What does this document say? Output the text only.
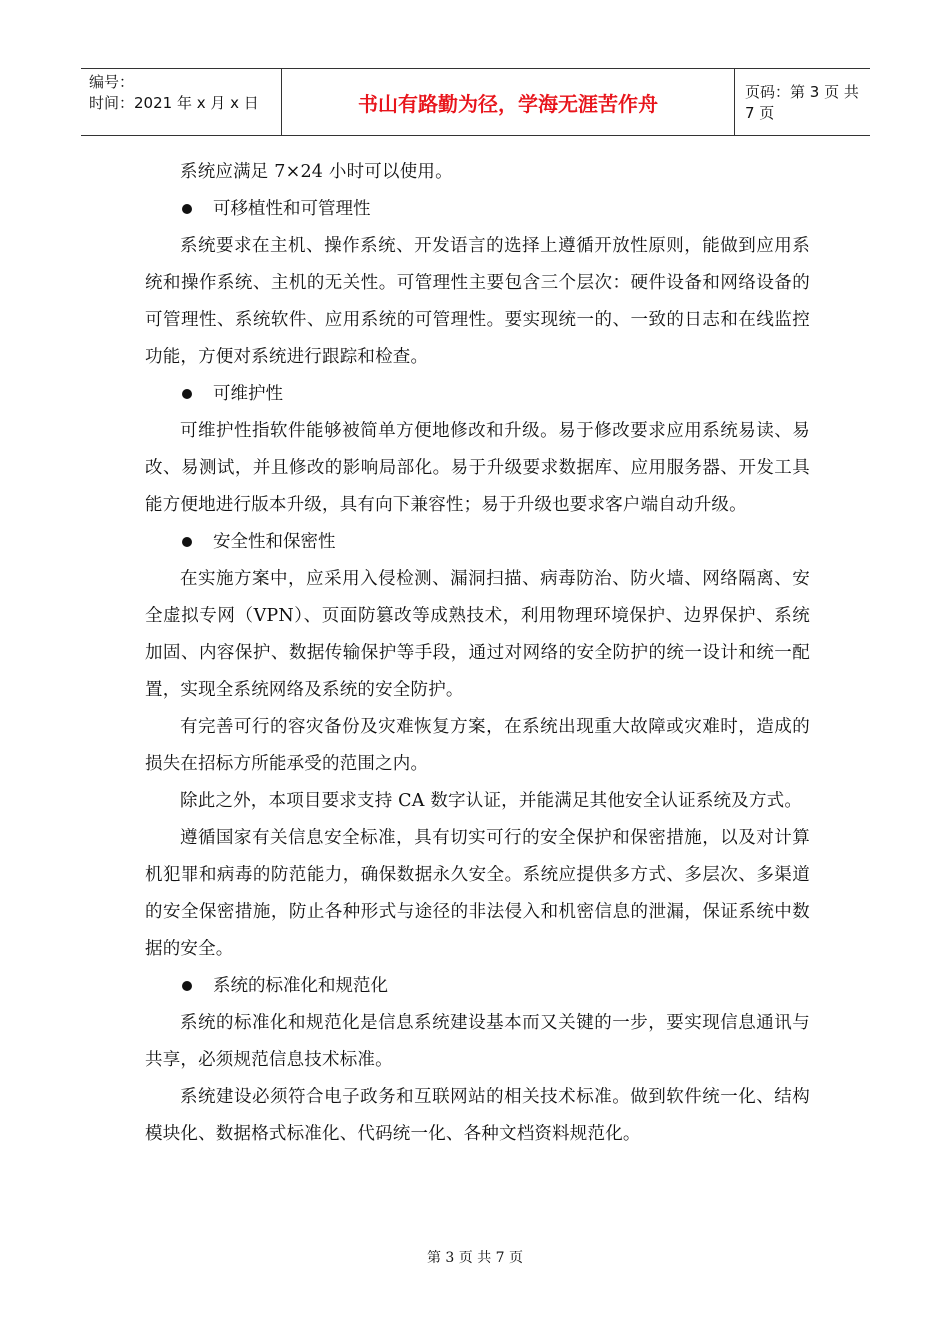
编号：
时间：2021 年 x 月 x 日	书山有路勤为径，学海无涯苦作舟	页码：第 3 页 共 7 页

系统应满足 7×24 小时可以使用。

可移植性和可管理性

系统要求在主机、操作系统、开发语言的选择上遵循开放性原则，能做到应用系统和操作系统、主机的无关性。可管理性主要包含三个层次：硬件设备和网络设备的可管理性、系统软件、应用系统的可管理性。要实现统一的、一致的日志和在线监控功能，方便对系统进行跟踪和检查。

可维护性

可维护性指软件能够被简单方便地修改和升级。易于修改要求应用系统易读、易改、易测试，并且修改的影响局部化。易于升级要求数据库、应用服务器、开发工具能方便地进行版本升级，具有向下兼容性；易于升级也要求客户端自动升级。

安全性和保密性

在实施方案中，应采用入侵检测、漏洞扫描、病毒防治、防火墙、网络隔离、安全虚拟专网（VPN）、页面防篡改等成熟技术，利用物理环境保护、边界保护、系统加固、内容保护、数据传输保护等手段，通过对网络的安全防护的统一设计和统一配置，实现全系统网络及系统的安全防护。

有完善可行的容灾备份及灾难恢复方案，在系统出现重大故障或灾难时，造成的损失在招标方所能承受的范围之内。

除此之外，本项目要求支持 CA 数字认证，并能满足其他安全认证系统及方式。

遵循国家有关信息安全标准，具有切实可行的安全保护和保密措施，以及对计算机犯罪和病毒的防范能力，确保数据永久安全。系统应提供多方式、多层次、多渠道的安全保密措施，防止各种形式与途径的非法侵入和机密信息的泄漏，保证系统中数据的安全。

系统的标准化和规范化

系统的标准化和规范化是信息系统建设基本而又关键的一步，要实现信息通讯与共享，必须规范信息技术标准。

系统建设必须符合电子政务和互联网站的相关技术标准。做到软件统一化、结构模块化、数据格式标准化、代码统一化、各种文档资料规范化。

第 3 页 共 7 页
